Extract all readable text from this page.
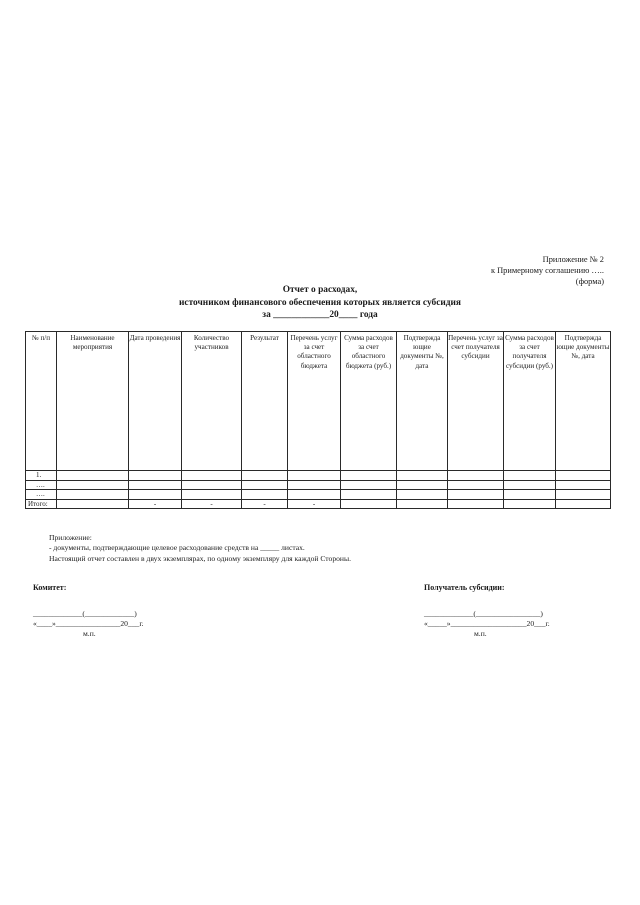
Приложение № 2
к Примерному соглашению …..
(форма)
Отчет о расходах,
источником финансового обеспечения которых является субсидия
за ____________20____ года
№ п/п	Наименование мероприятия	Дата проведения	Количество участников	Результат	Перечень услуг за счет областного бюджета	Сумма расходов за счет областного бюджета (руб.)	Подтвержда ющие документы №, дата	Перечень услуг за счет получателя субсидии	Сумма расходов за счет получателя субсидии (руб.)	Подтвержда ющие документы №, дата
1.										
….										
….										
Итого:		-	-	-	-					
Приложение:
- документы, подтверждающие целевое расходование средств на _____ листах.
Настоящий отчет составлен в двух экземплярах, по одному экземпляру для каждой Стороны.
Комитет:
_____________(_____________)
«____»_________________20___г.
м.п.
Получатель субсидии:
_____________(_________________)
«_____»____________________20___г.
м.п.
